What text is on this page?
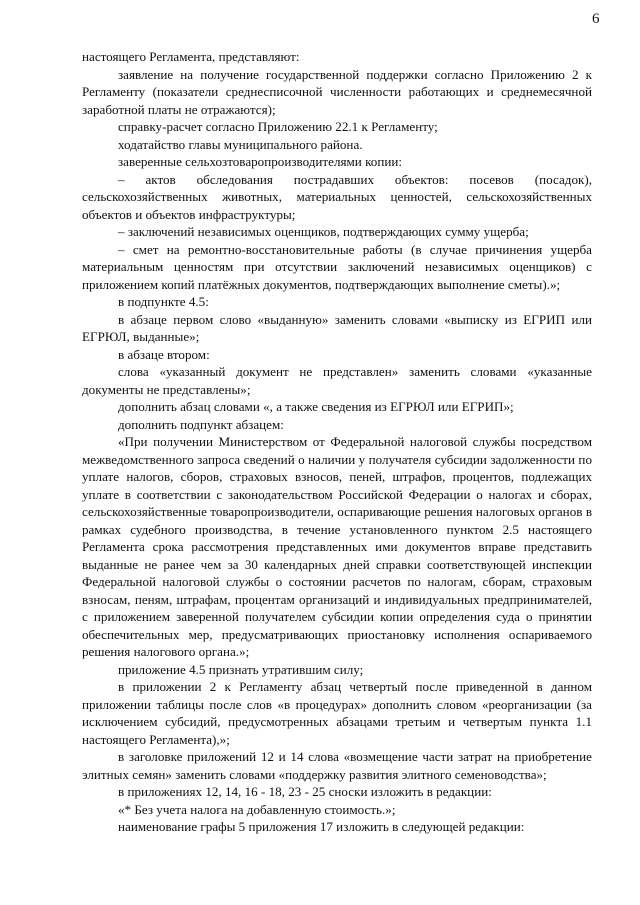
6

настоящего Регламента, представляют:

заявление на получение государственной поддержки согласно Приложению 2 к Регламенту (показатели среднесписочной численности работающих и среднемесячной заработной платы не отражаются);

справку-расчет согласно Приложению 22.1 к Регламенту;

ходатайство главы муниципального района.

заверенные сельхозтоваропроизводителями копии:

– актов обследования пострадавших объектов: посевов (посадок), сельскохозяйственных животных, материальных ценностей, сельскохозяйственных объектов и объектов инфраструктуры;

– заключений независимых оценщиков, подтверждающих сумму ущерба;

– смет на ремонтно-восстановительные работы (в случае причинения ущерба материальным ценностям при отсутствии заключений независимых оценщиков) с приложением копий платёжных документов, подтверждающих выполнение сметы).»;

в подпункте 4.5:

в абзаце первом слово «выданную» заменить словами «выписку из ЕГРИП или ЕГРЮЛ, выданные»;

в абзаце втором:

слова «указанный документ не представлен» заменить словами «указанные документы не представлены»;

дополнить абзац словами «, а также сведения из ЕГРЮЛ или ЕГРИП»;

дополнить подпункт абзацем:

«При получении Министерством от Федеральной налоговой службы посредством межведомственного запроса сведений о наличии у получателя субсидии задолженности по уплате налогов, сборов, страховых взносов, пеней, штрафов, процентов, подлежащих уплате в соответствии с законодательством Российской Федерации о налогах и сборах, сельскохозяйственные товаропроизводители, оспаривающие решения налоговых органов в рамках судебного производства, в течение установленного пунктом 2.5 настоящего Регламента срока рассмотрения представленных ими документов вправе представить выданные не ранее чем за 30 календарных дней справки соответствующей инспекции Федеральной налоговой службы о состоянии расчетов по налогам, сборам, страховым взносам, пеням, штрафам, процентам организаций и индивидуальных предпринимателей, с приложением заверенной получателем субсидии копии определения суда о принятии обеспечительных мер, предусматривающих приостановку исполнения оспариваемого решения налогового органа.»;

приложение 4.5 признать утратившим силу;

в приложении 2 к Регламенту абзац четвертый после приведенной в данном приложении таблицы после слов «в процедурах» дополнить словом «реорганизации (за исключением субсидий, предусмотренных абзацами третьим и четвертым пункта 1.1 настоящего Регламента),»;

в заголовке приложений 12 и 14 слова «возмещение части затрат на приобретение элитных семян» заменить словами «поддержку развития элитного семеноводства»;

в приложениях 12, 14, 16 - 18, 23 - 25 сноски изложить в редакции:

«* Без учета налога на добавленную стоимость.»;

наименование графы 5 приложения 17 изложить в следующей редакции:
